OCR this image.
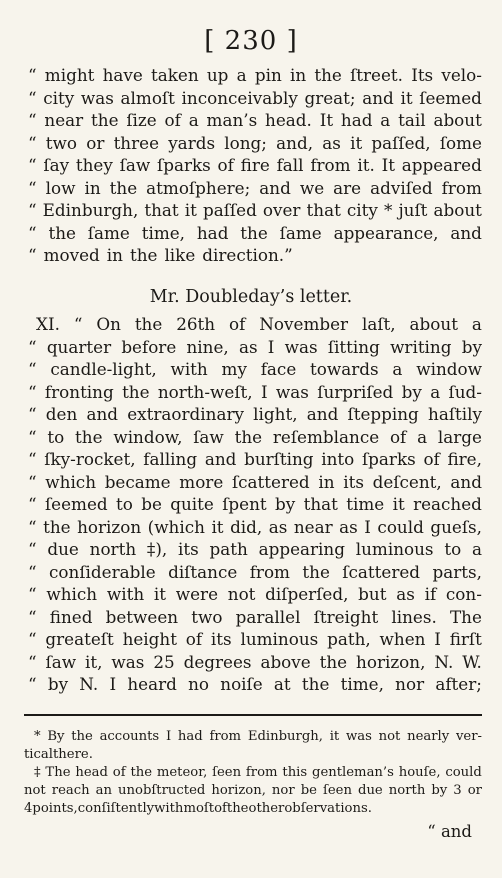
[ 230 ]
“ might have taken up a pin in the ſtreet. Its velo-
“ city was almoſt inconceivably great; and it ſeemed
“ near the ſize of a man’s head. It had a tail about
“ two or three yards long; and, as it paſſed, ſome
“ ſay they ſaw ſparks of fire fall from it. It appeared
“ low in the atmoſphere; and we are adviſed from
“ Edinburgh, that it paſſed over that city * juſt about
“ the ſame time, had the ſame appearance, and
“ moved in the like direction.”
Mr. Doubleday’s letter.
XI. “ On the 26th of November laſt, about a
“ quarter before nine, as I was ſitting writing by
“ candle-light, with my face towards a window
“ fronting the north-weſt, I was ſurpriſed by a ſud-
“ den and extraordinary light, and ſtepping haſtily
“ to the window, ſaw the reſemblance of a large
“ ſky-rocket, falling and burſting into ſparks of fire,
“ which became more ſcattered in its deſcent, and
“ ſeemed to be quite ſpent by that time it reached
“ the horizon (which it did, as near as I could gueſs,
“ due north ‡), its path appearing luminous to a
“ conſiderable diſtance from the ſcattered parts,
“ which with it were not diſperſed, but as if con-
“ fined between two parallel ſtreight lines. The
“ greateſt height of its luminous path, when I firſt
“ ſaw it, was 25 degrees above the horizon, N. W.
“ by N. I heard no noiſe at the time, nor after;
* By the accounts I had from Edinburgh, it was not nearly ver-
tical there.
‡ The head of the meteor, ſeen from this gentleman’s houſe, could
not reach an unobſtructed horizon, nor be ſeen due north by 3 or
4 points, conſiſtently with moſt of the other obſervations.
“ and
